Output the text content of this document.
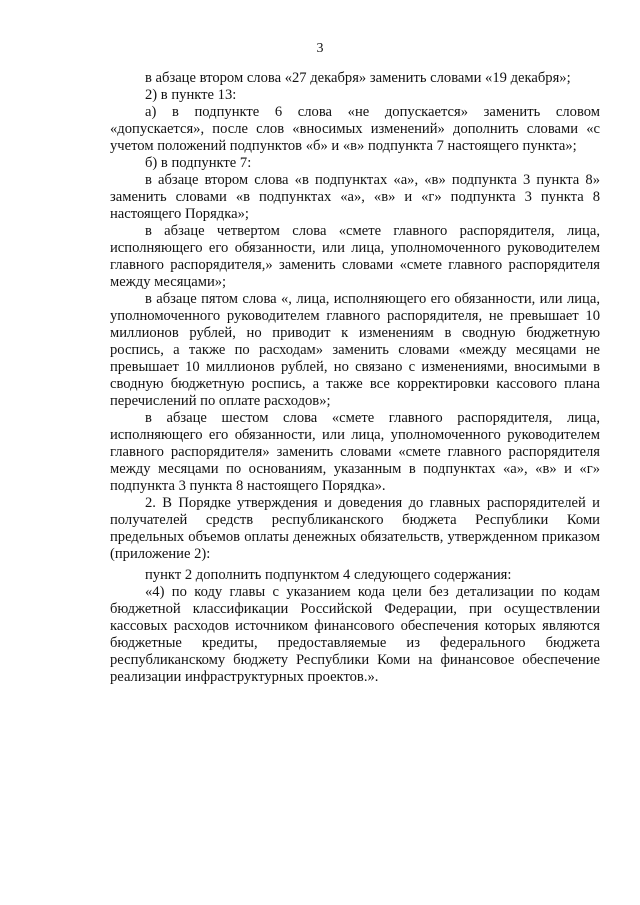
3

в абзаце втором слова «27 декабря» заменить словами «19 декабря»;

2) в пункте 13:

а) в подпункте 6 слова «не допускается» заменить словом «допускается», после слов «вносимых изменений» дополнить словами «с учетом положений подпунктов «б» и «в» подпункта 7 настоящего пункта»;

б) в подпункте 7:

в абзаце втором слова «в подпунктах «а», «в» подпункта 3 пункта 8» заменить словами «в подпунктах «а», «в» и «г» подпункта 3 пункта 8 настоящего Порядка»;

в абзаце четвертом слова «смете главного распорядителя, лица, исполняющего его обязанности, или лица, уполномоченного руководителем главного распорядителя,» заменить словами «смете главного распорядителя между месяцами»;

в абзаце пятом слова «, лица, исполняющего его обязанности, или лица, уполномоченного руководителем главного распорядителя, не превышает 10 миллионов рублей, но приводит к изменениям в сводную бюджетную роспись, а также по расходам» заменить словами «между месяцами не превышает 10 миллионов рублей, но связано с изменениями, вносимыми в сводную бюджетную роспись, а также все корректировки кассового плана перечислений по оплате расходов»;

в абзаце шестом слова «смете главного распорядителя, лица, исполняющего его обязанности, или лица, уполномоченного руководителем главного распорядителя» заменить словами «смете главного распорядителя между месяцами по основаниям, указанным в подпунктах «а», «в» и «г» подпункта 3 пункта 8 настоящего Порядка».

2. В Порядке утверждения и доведения до главных распорядителей и получателей средств республиканского бюджета Республики Коми предельных объемов оплаты денежных обязательств, утвержденном приказом (приложение 2):

пункт 2 дополнить подпунктом 4 следующего содержания:

«4) по коду главы с указанием кода цели без детализации по кодам бюджетной классификации Российской Федерации, при осуществлении кассовых расходов источником финансового обеспечения которых являются бюджетные кредиты, предоставляемые из федерального бюджета республиканскому бюджету Республики Коми на финансовое обеспечение реализации инфраструктурных проектов.».
